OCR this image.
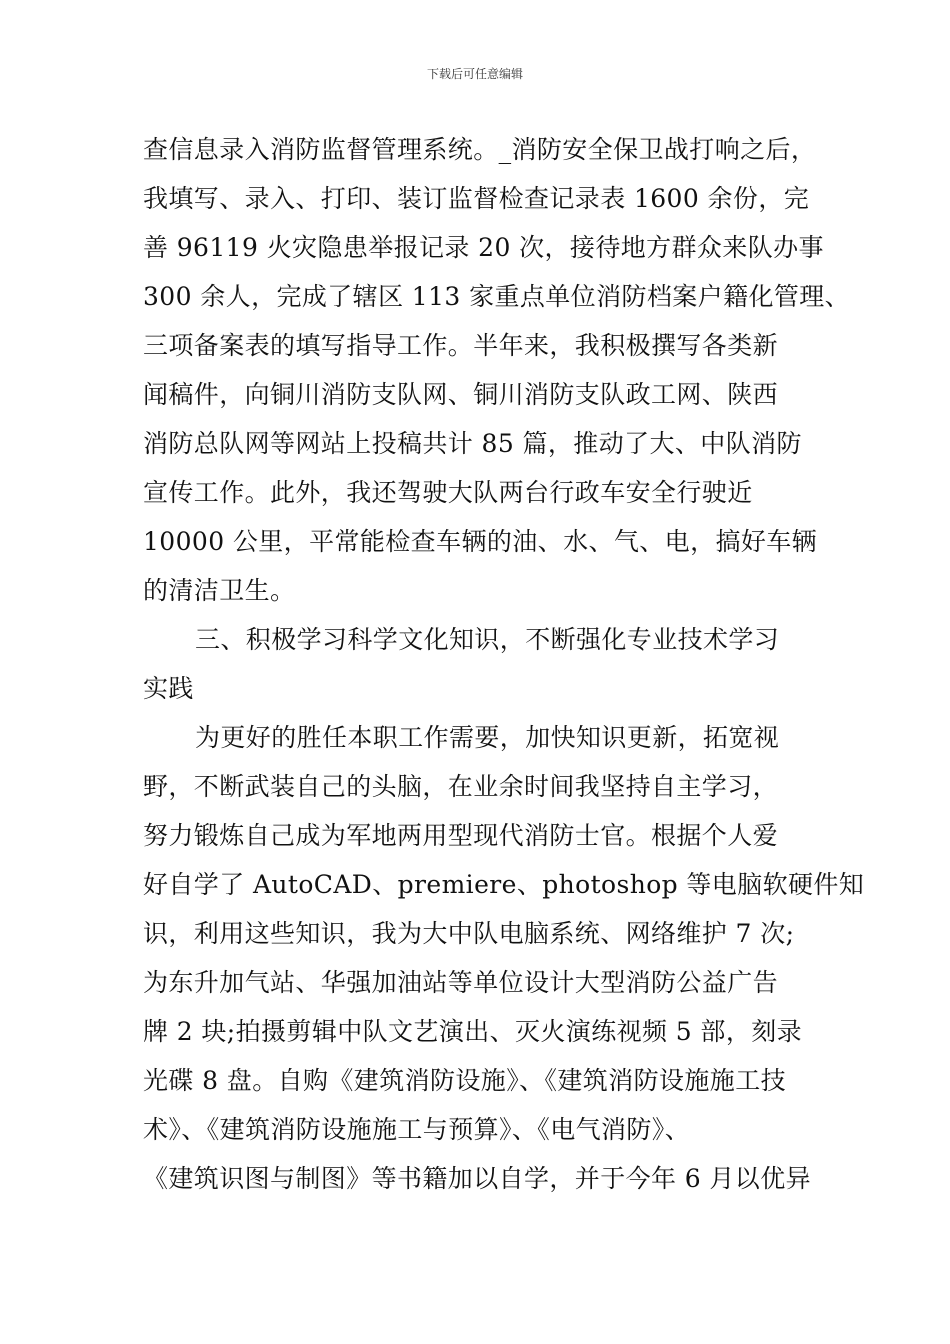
下载后可任意编辑
查信息录入消防监督管理系统。_消防安全保卫战打响之后，
我填写、录入、打印、装订监督检查记录表 1600 余份，完
善 96119 火灾隐患举报记录 20 次，接待地方群众来队办事
300 余人，完成了辖区 113 家重点单位消防档案户籍化管理、
三项备案表的填写指导工作。半年来，我积极撰写各类新
闻稿件，向铜川消防支队网、铜川消防支队政工网、陕西
消防总队网等网站上投稿共计 85 篇，推动了大、中队消防
宣传工作。此外，我还驾驶大队两台行政车安全行驶近
10000 公里，平常能检查车辆的油、水、气、电，搞好车辆
的清洁卫生。
三、积极学习科学文化知识，不断强化专业技术学习
实践
为更好的胜任本职工作需要，加快知识更新，拓宽视
野，不断武装自己的头脑，在业余时间我坚持自主学习，
努力锻炼自己成为军地两用型现代消防士官。根据个人爱
好自学了 AutoCAD、premiere、photoshop 等电脑软硬件知
识，利用这些知识，我为大中队电脑系统、网络维护 7 次;
为东升加气站、华强加油站等单位设计大型消防公益广告
牌 2 块;拍摄剪辑中队文艺演出、灭火演练视频 5 部，刻录
光碟 8 盘。自购《建筑消防设施》、《建筑消防设施施工技
术》、《建筑消防设施施工与预算》、《电气消防》、
《建筑识图与制图》等书籍加以自学，并于今年 6 月以优异
